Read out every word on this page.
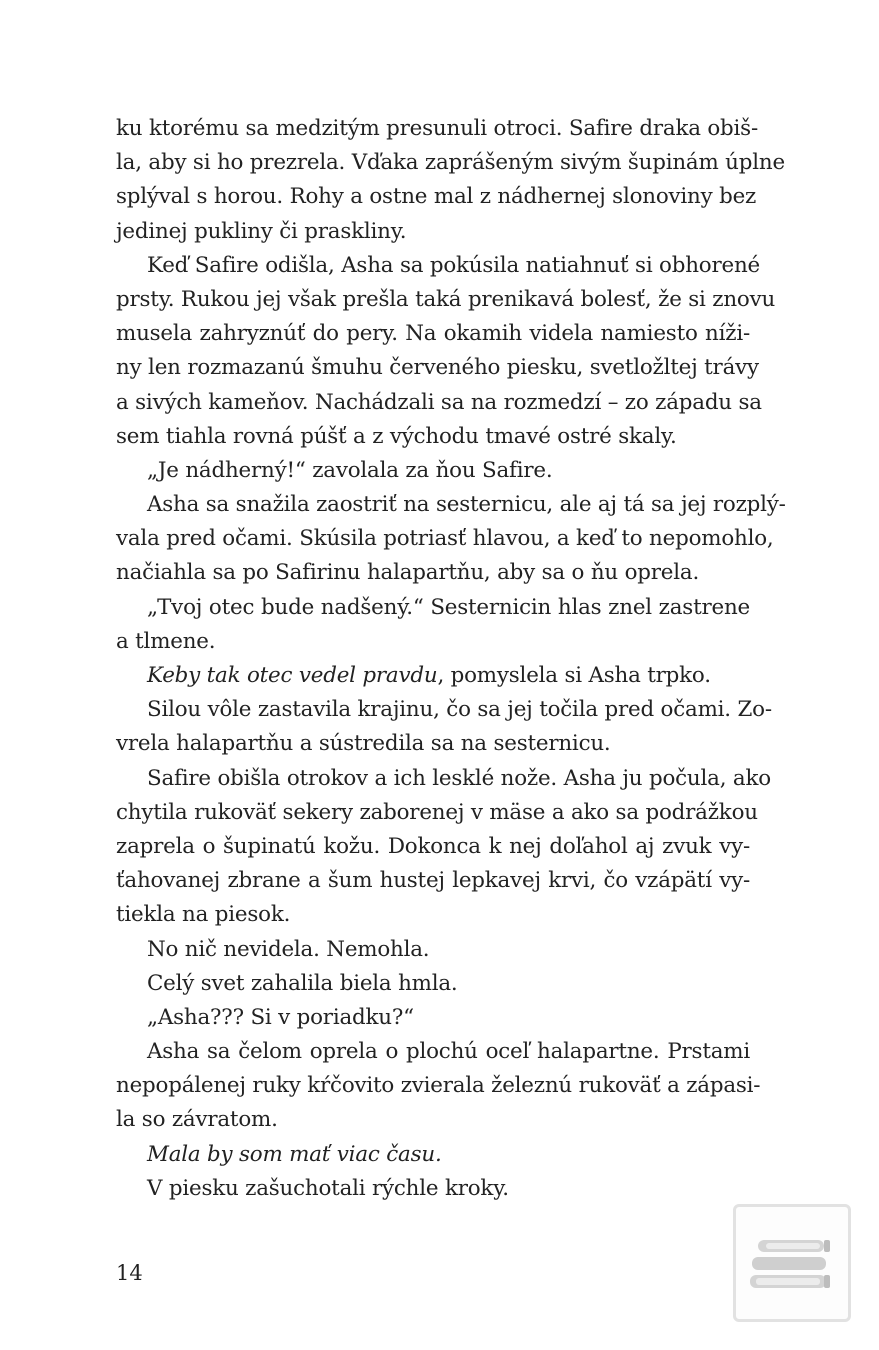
ku ktorému sa medzitým presunuli otroci. Safire draka obiš-
la, aby si ho prezrela. Vďaka zaprášeným sivým šupinám úplne
splýval s horou. Rohy a ostne mal z nádhernej slonoviny bez
jedinej pukliny či praskliny.
Keď Safire odišla, Asha sa pokúsila natiahnuť si obhorené
prsty. Rukou jej však prešla taká prenikavá bolesť, že si znovu
musela zahryznúť do pery. Na okamih videla namiesto níži-
ny len rozmazanú šmuhu červeného piesku, svetložltej trávy
a sivých kameňov. Nachádzali sa na rozmedzí – zo západu sa
sem tiahla rovná púšť a z východu tmavé ostré skaly.
„Je nádherný!“ zavolala za ňou Safire.
Asha sa snažila zaostriť na sesternicu, ale aj tá sa jej rozplý-
vala pred očami. Skúsila potriasť hlavou, a keď to nepomohlo,
načiahla sa po Safirinu halapartňu, aby sa o ňu oprela.
„Tvoj otec bude nadšený.“ Sesternicin hlas znel zastrene
a tlmene.
Keby tak otec vedel pravdu, pomyslela si Asha trpko.
Silou vôle zastavila krajinu, čo sa jej točila pred očami. Zo-
vrela halapartňu a sústredila sa na sesternicu.
Safire obišla otrokov a ich lesklé nože. Asha ju počula, ako
chytila rukoväť sekery zaborenej v mäse a ako sa podrážkou
zaprela o šupinatú kožu. Dokonca k nej doľahol aj zvuk vy-
ťahovanej zbrane a šum hustej lepkavej krvi, čo vzápätí vy-
tiekla na piesok.
No nič nevidela. Nemohla.
Celý svet zahalila biela hmla.
„Asha??? Si v poriadku?“
Asha sa čelom oprela o plochú oceľ halapartne. Prstami
nepopálenej ruky kŕčovito zvierala železnú rukoväť a zápasi-
la so závratom.
Mala by som mať viac času.
V piesku zašuchotali rýchle kroky.
14
